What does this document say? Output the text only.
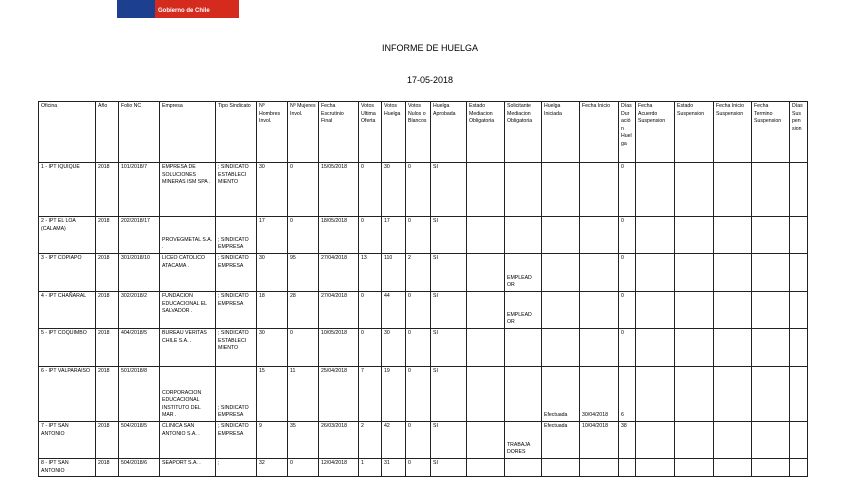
Gobierno de Chile
INFORME DE HUELGA
17-05-2018
Oficina	Año	Folio NC	Empresa	Tipo Sindicato	Nº Hombres Invol.	Nº Mujeres Invol.	Fecha Escrutinio Final	Votos Ultima Oferta	Votos Huelga	Votos Nulos o Blancos	Huelga Aprobada	Estado Mediacion Obligatoria	Solicitante Mediacion Obligatoria	Huelga Iniciada	Fecha Inicio	Días Dur ació n Huel ga	Fecha Acuerdo Suspension	Estado Suspension	Fecha Inicio Suspension	Fecha Termino Suspension	Días Sus pen sion
1 - IPT IQUIQUE	2018	101/2018/7	EMPRESA DE SOLUCIONES MINERAS ISM SPA .	; SINDICATO ESTABLECI MIENTO	30	0	15/05/2018	0	30	0	SI					0					
2 - IPT EL LOA (CALAMA)	2018	202/2018/17	PROVEGMETAL S.A. .	; SINDICATO EMPRESA	17	0	18/05/2018	0	17	0	SI					0					
3 - IPT COPIAPO	2018	301/2018/10	LICEO CATOLICO ATACAMA .	; SINDICATO EMPRESA	30	95	27/04/2018	13	110	2	SI		EMPLEAD OR			0					
4 - IPT CHAÑARAL	2018	302/2018/2	FUNDACION EDUCACIONAL EL SALVADOR .	; SINDICATO EMPRESA	18	28	27/04/2018	0	44	0	SI		EMPLEAD OR			0					
5 - IPT COQUIMBO	2018	404/2018/5	BUREAU VERITAS CHILE S.A. .	; SINDICATO ESTABLECI MIENTO	30	0	10/05/2018	0	30	0	SI					0					
6 - IPT VALPARAISO	2018	501/2018/8	CORPORACION EDUCACIONAL INSTITUTO DEL MAR .	; SINDICATO EMPRESA	15	11	25/04/2018	7	19	0	SI			Efectuada	30/04/2018	6					
7 - IPT SAN ANTONIO	2018	504/2018/5	CLINICA SAN ANTONIO S.A. .	; SINDICATO EMPRESA	9	35	26/03/2018	2	42	0	SI		TRABAJA DORES	Efectuada	10/04/2018	38					
8 - IPT SAN ANTONIO	2018	504/2018/6	SEAPORT S.A. .	;	32	0	12/04/2018	1	31	0	SI										
